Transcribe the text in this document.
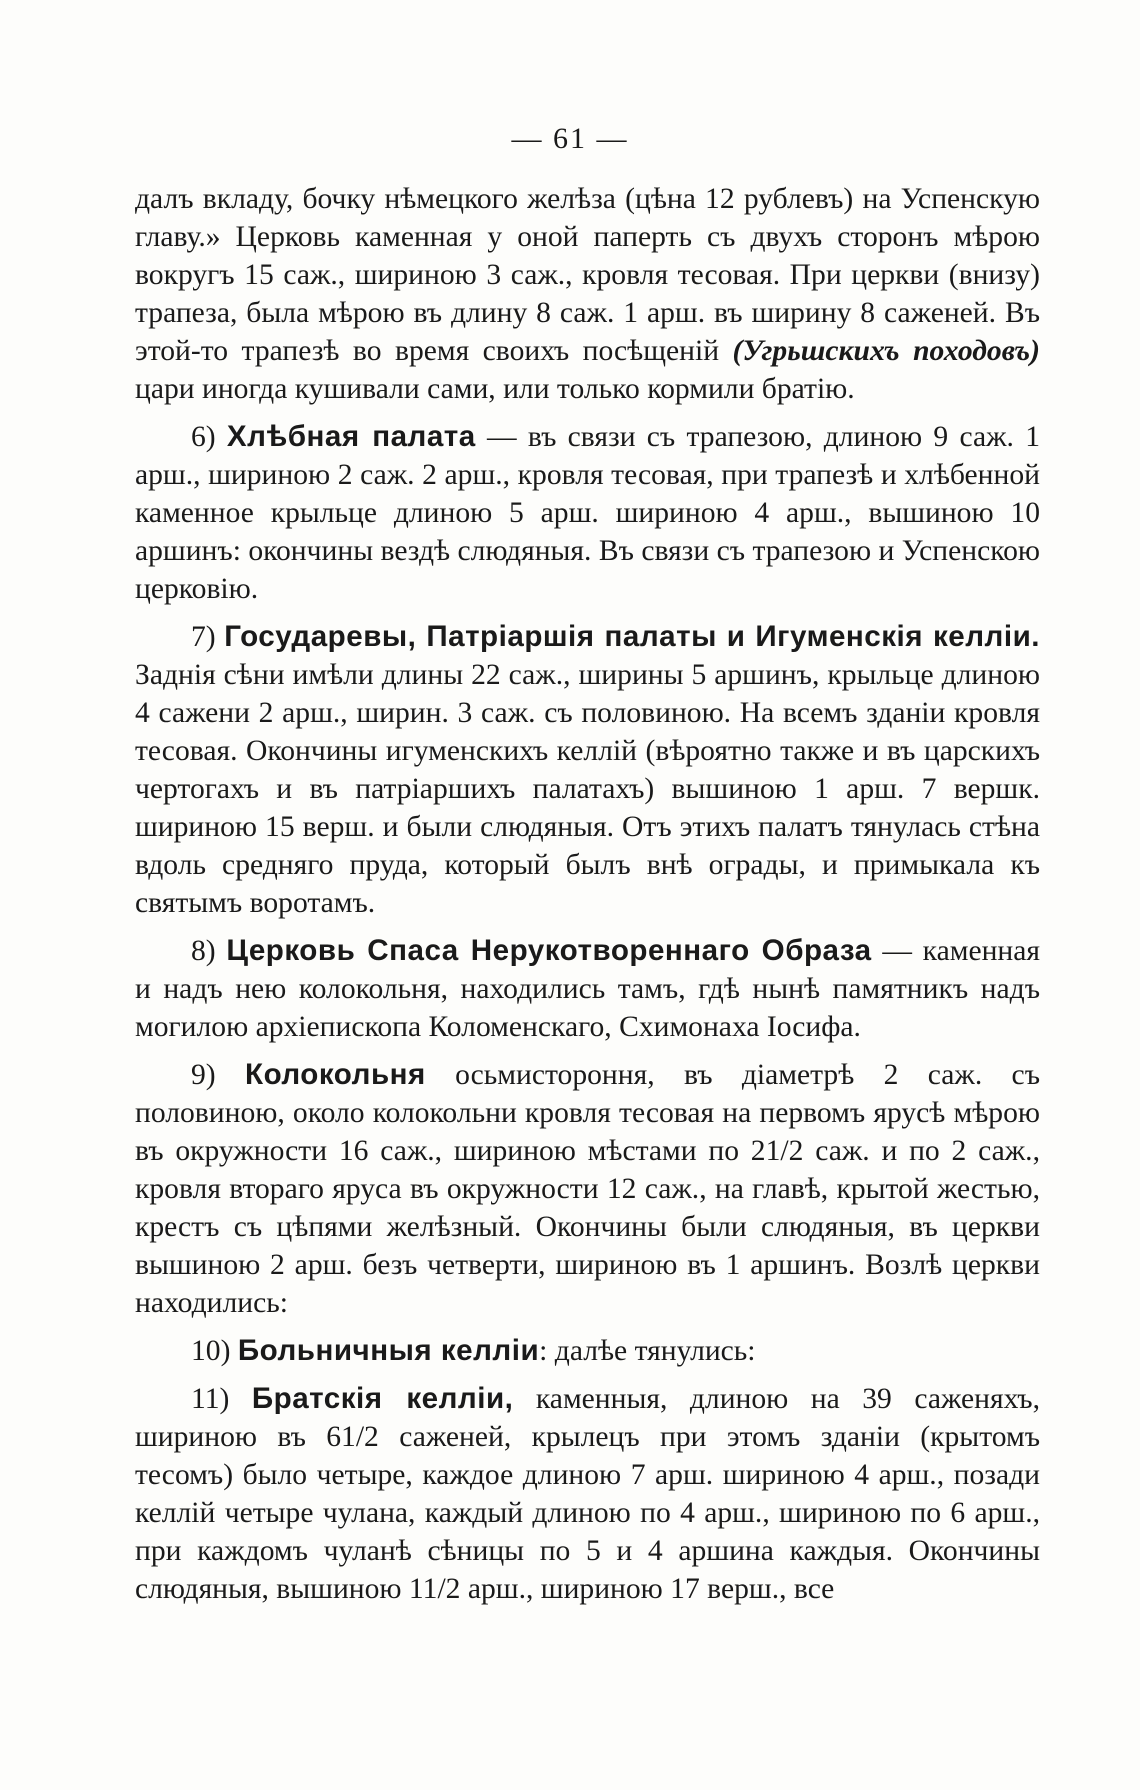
— 61 —

далъ вкладу, бочку нѣмецкого желѣза (цѣна 12 рублевъ) на Успенскую главу.» Церковь каменная у оной паперть съ двухъ сторонъ мѣрою вокругъ 15 саж., шириною 3 саж., кровля тесовая. При церкви (внизу) трапеза, была мѣрою въ длину 8 саж. 1 арш. въ ширину 8 саженей. Въ этой-то трапезѣ во время своихъ посѣщеній (Угрьшскихъ походовъ) цари иногда кушивали сами, или только кормили братію.

6) Хлѣбная палата — въ связи съ трапезою, длиною 9 саж. 1 арш., шириною 2 саж. 2 арш., кровля тесовая, при трапезѣ и хлѣбенной каменное крыльце длиною 5 арш. шириною 4 арш., вышиною 10 аршинъ: окончины вездѣ слюдяныя. Въ связи съ трапезою и Успенскою церковію.

7) Государевы, Патріаршія палаты и Игуменскія келліи. Заднія сѣни имѣли длины 22 саж., ширины 5 аршинъ, крыльце длиною 4 сажени 2 арш., ширин. 3 саж. съ половиною. На всемъ зданіи кровля тесовая. Окончины игуменскихъ келлій (вѣроятно также и въ царскихъ чертогахъ и въ патріаршихъ палатахъ) вышиною 1 арш. 7 вершк. шириною 15 верш. и были слюдяныя. Отъ этихъ палатъ тянулась стѣна вдоль средняго пруда, который былъ внѣ ограды, и примыкала къ святымъ воротамъ.

8) Церковь Спаса Нерукотвореннаго Образа — каменная и надъ нею колокольня, находились тамъ, гдѣ нынѣ памятникъ надъ могилою архіепископа Коломенскаго, Схимонаха Іосифа.

9) Колокольня осьмистороння, въ діаметрѣ 2 саж. съ половиною, около колокольни кровля тесовая на первомъ ярусѣ мѣрою въ окружности 16 саж., шириною мѣстами по 21/2 саж. и по 2 саж., кровля втораго яруса въ окружности 12 саж., на главѣ, крытой жестью, крестъ съ цѣпями желѣзный. Окончины были слюдяныя, въ церкви вышиною 2 арш. безъ четверти, шириною въ 1 аршинъ. Возлѣ церкви находились:

10) Больничныя келліи: далѣе тянулись:

11) Братскія келліи, каменныя, длиною на 39 саженяхъ, шириною въ 61/2 саженей, крылецъ при этомъ зданіи (крытомъ тесомъ) было четыре, каждое длиною 7 арш. шириною 4 арш., позади келлій четыре чулана, каждый длиною по 4 арш., шириною по 6 арш., при каждомъ чуланѣ сѣницы по 5 и 4 аршина каждыя. Окончины слюдяныя, вышиною 11/2 арш., шириною 17 верш., все
